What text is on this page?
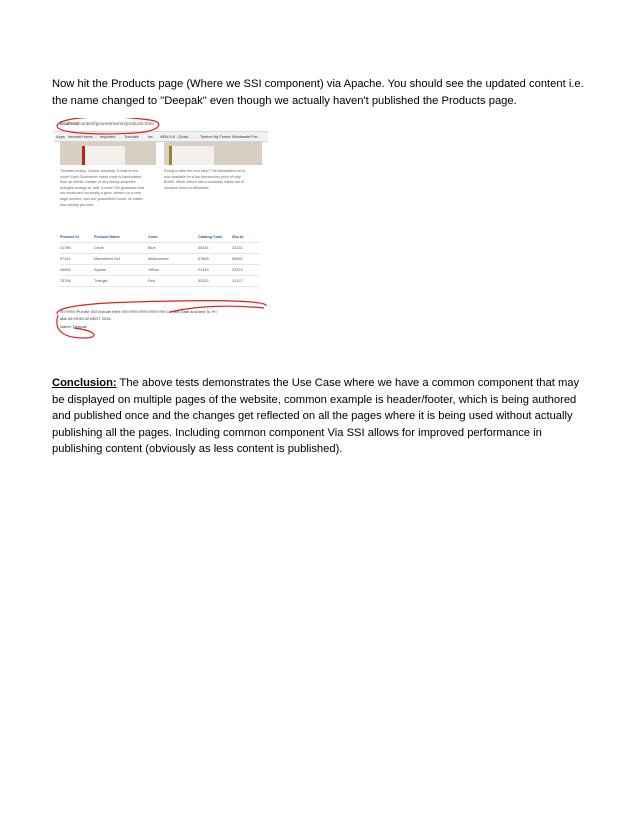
Now hit the Products page (Where we SSI component) via Apache. You should see the updated content i.e. the name changed to "Deepak" even though we actually haven't published the Products page.
localhost/content/geometrixx/en/products.html
Apps Intranet Home ... Imported Tutorials Ira AEM 5.6 - Quick ... Twelve My Future Wholesale Pro...
Timeless beauty. Classic simplicity. It must be the
circle! Each Geometrixx brand circle is handcrafted
from an infinite number of very skinny isosceles
triangles arrange to, well, a circle! We guarantee that
our circles are not simply n-gons, where n is a very
large number; ours are guaranteed round, no matter
how closely you look.
Ready to take the next step? The Mandelbrot set is
now available for a low introductory price of only
$1500. Never before has a countably infinite set of
numbers been so affordable.
Product Id	Product Name	Color	Catalog Code	Sku Id
21786	Circle	Blue	45244	32131
97443	Mandelbrot Set	Multicolored	67868	89690
45566	Square	Yellow	21349	32319
23798	Triangle	Red	32432	12127
!!!!!!!!!!!!!! Put the SSI Include Here !!!!!!!!!!!!!!!!!!!!!!!!!!!!!!!!!!!!!!! Current Date and time is: Fri
Mar 06 09:59:42 AEDT 2015
Name: Deepak
Conclusion: The above tests demonstrates the Use Case where we have a common component that may be displayed on multiple pages of the website, common example is header/footer, which is being authored and published once and the changes get reflected on all the pages where it is being used without actually publishing all the pages. Including common component Via SSI allows for improved performance in publishing content (obviously as less content is published).
